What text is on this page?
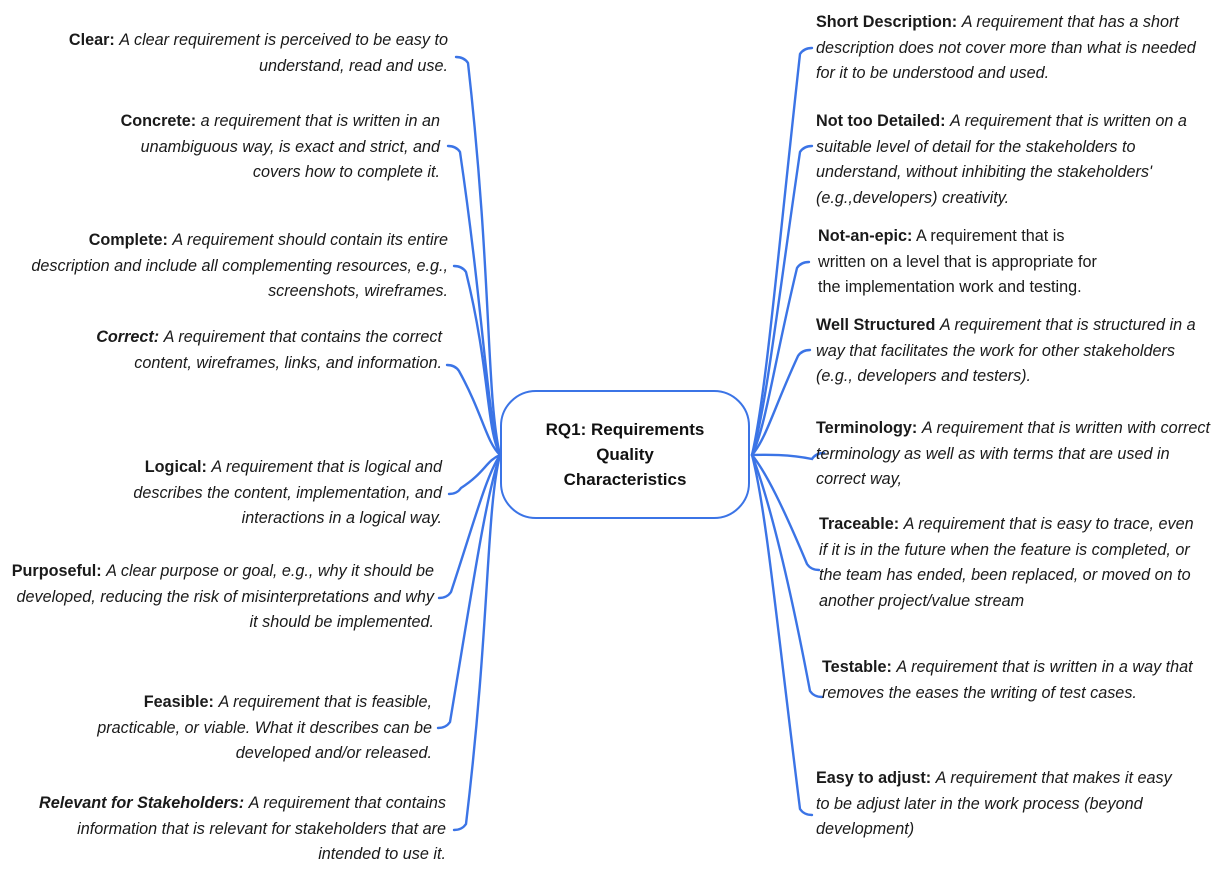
RQ1: Requirements Quality Characteristics
Clear: A clear requirement is perceived to be easy to understand, read and use.
Concrete: a requirement that is written in an unambiguous way, is exact and strict, and covers how to complete it.
Complete: A requirement should contain its entire description and include all complementing resources, e.g., screenshots, wireframes.
Correct: A requirement that contains the correct content, wireframes, links, and information.
Logical: A requirement that is logical and describes the content, implementation, and interactions in a logical way.
Purposeful: A clear purpose or goal, e.g., why it should be developed, reducing the risk of misinterpretations and why it should be implemented.
Feasible: A requirement that is feasible, practicable, or viable. What it describes can be developed and/or released.
Relevant for Stakeholders: A requirement that contains information that is relevant for stakeholders that are intended to use it.
Short Description: A requirement that has a short description does not cover more than what is needed for it to be understood and used.
Not too Detailed: A requirement that is written on a suitable level of detail for the stakeholders to understand, without inhibiting the stakeholders' (e.g.,developers) creativity.
Not-an-epic: A requirement that is written on a level that is appropriate for the implementation work and testing.
Well Structured A requirement that is structured in a way that facilitates the work for other stakeholders (e.g., developers and testers).
Terminology: A requirement that is written with correct terminology as well as with terms that are used in correct way,
Traceable: A requirement that is easy to trace, even if it is in the future when the feature is completed, or the team has ended, been replaced, or moved on to another project/value stream
Testable: A requirement that is written in a way that removes the eases the writing of test cases.
Easy to adjust: A requirement that makes it easy to be adjust later in the work process (beyond development)
